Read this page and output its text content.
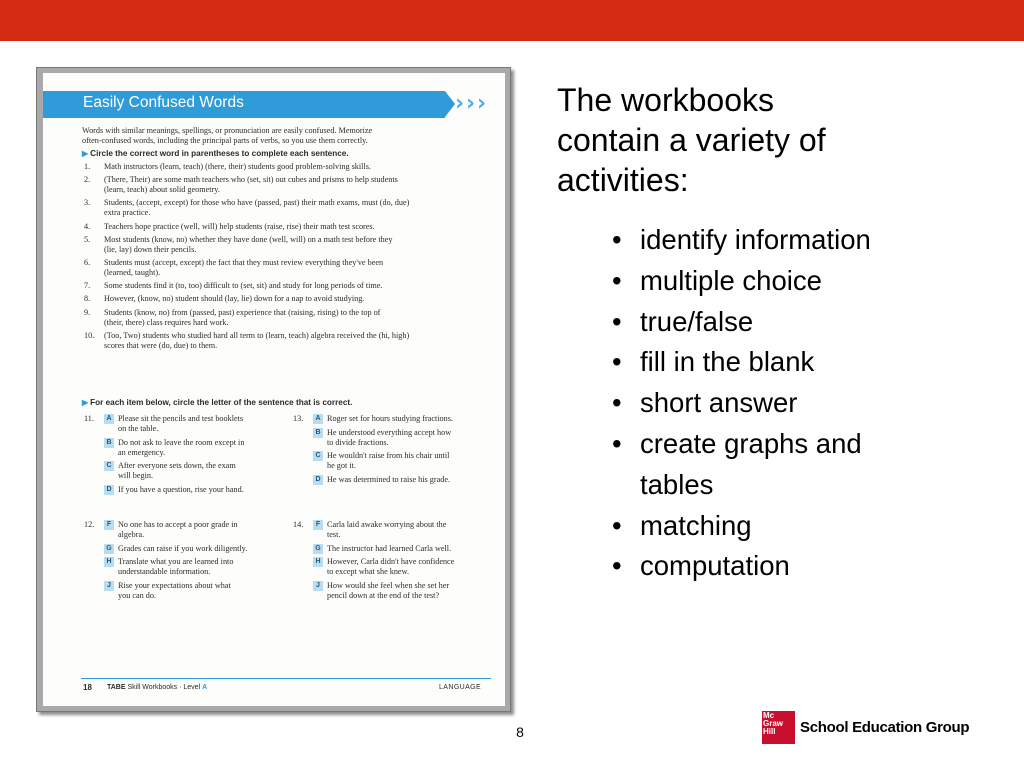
Easily Confused Words	› › ›
Words with similar meanings, spellings, or pronunciation are easily confused. Memorize
often-confused words, including the principal parts of verbs, so you use them correctly.
▶ Circle the correct word in parentheses to complete each sentence.
1.	Math instructors (learn, teach) (there, their) students good problem-solving skills.
2.	(There, Their) are some math teachers who (set, sit) out cubes and prisms to help students
(learn, teach) about solid geometry.
3.	Students, (accept, except) for those who have (passed, past) their math exams, must (do, due)
extra practice.
4.	Teachers hope practice (well, will) help students (raise, rise) their math test scores.
5.	Most students (know, no) whether they have done (well, will) on a math test before they
(lie, lay) down their pencils.
6.	Students must (accept, except) the fact that they must review everything they've been
(learned, taught).
7.	Some students find it (to, too) difficult to (set, sit) and study for long periods of time.
8.	However, (know, no) student should (lay, lie) down for a nap to avoid studying.
9.	Students (know, no) from (passed, past) experience that (raising, rising) to the top of
(their, there) class requires hard work.
10.	(Too, Two) students who studied hard all term to (learn, teach) algebra received the (hi, high)
scores that were (do, due) to them.
▶ For each item below, circle the letter of the sentence that is correct.
11.	A Please sit the pencils and test booklets
on the table.
B Do not ask to leave the room except in
an emergency.
C After everyone sets down, the exam
will begin.
D If you have a question, rise your hand.
12.	F No one has to accept a poor grade in
algebra.
G Grades can raise if you work diligently.
H Translate what you are learned into
understandable information.
J Rise your expectations about what
you can do.
13.	A Roger set for hours studying fractions.
B He understood everything accept how
to divide fractions.
C He wouldn't raise from his chair until
he got it.
D He was determined to raise his grade.
14.	F Carla laid awake worrying about the
test.
G The instructor had learned Carla well.
H However, Carla didn't have confidence
to except what she knew.
J How would she feel when she set her
pencil down at the end of the test?
18 TABE Skill Workbooks · Level A	LANGUAGE
The workbooks
contain a variety of
activities:
• identify information
• multiple choice
• true/false
• fill in the blank
• short answer
• create graphs and
tables
• matching
• computation
8
Mc
Graw
Hill	School Education Group
